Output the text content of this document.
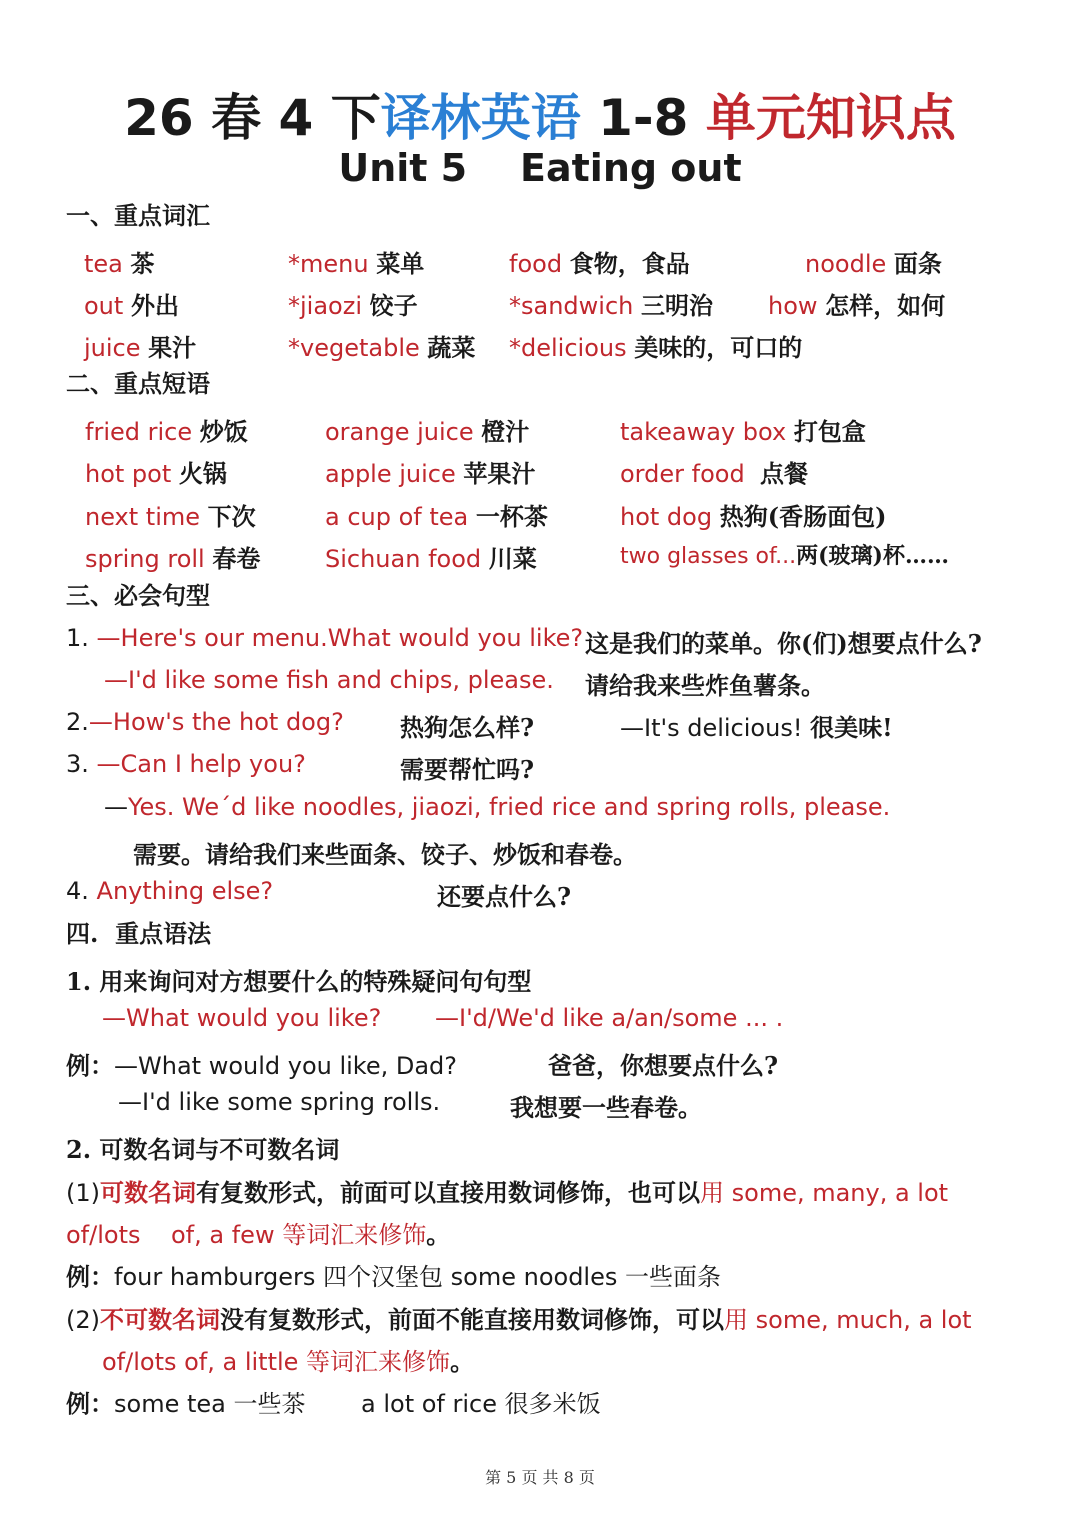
26 春 4 下译林英语 1-8 单元知识点
Unit 5    Eating out
一、重点词汇
tea 茶	*menu 菜单	food 食物，食品	noodle 面条
out 外出	*jiaozi 饺子	*sandwich 三明治 how 怎样，如何
juice 果汁	*vegetable 蔬菜 *delicious 美味的，可口的
二、重点短语
fried rice 炒饭	orange juice 橙汁	takeaway box 打包盒
hot pot 火锅	apple juice 苹果汁	order food  点餐
next time 下次	a cup of tea 一杯茶	hot dog 热狗(香肠面包)
spring roll 春卷	Sichuan food 川菜	two glasses of...两(玻璃)杯……
三、必会句型
1. —Here's our menu.What would you like? 这是我们的菜单。你(们)想要点什么?
—I'd like some fish and chips, please. 请给我来些炸鱼薯条。
2.—How's the hot dog? 热狗怎么样?	—It's delicious! 很美味!
3. —Can I help you?	需要帮忙吗?
—Yes. We´d like noodles, jiaozi, fried rice and spring rolls, please.
需要。请给我们来些面条、饺子、炒饭和春卷。
4. Anything else?	还要点什么?
四.  重点语法
1. 用来询问对方想要什么的特殊疑问句句型
—What would you like? —I'd/We'd like a/an/some ... .
例：—What would you like, Dad?	爸爸，你想要点什么?
—I'd like some spring rolls.	我想要一些春卷。
2. 可数名词与不可数名词
(1)可数名词有复数形式，前面可以直接用数词修饰，也可以用 some, many, a lot
of/lots    of, a few 等词汇来修饰。
例：four hamburgers 四个汉堡包 some noodles 一些面条
(2)不可数名词没有复数形式，前面不能直接用数词修饰，可以用 some, much, a lot
of/lots of, a little 等词汇来修饰。
例：some tea 一些茶 a lot of rice 很多米饭
第 5 页 共 8 页
